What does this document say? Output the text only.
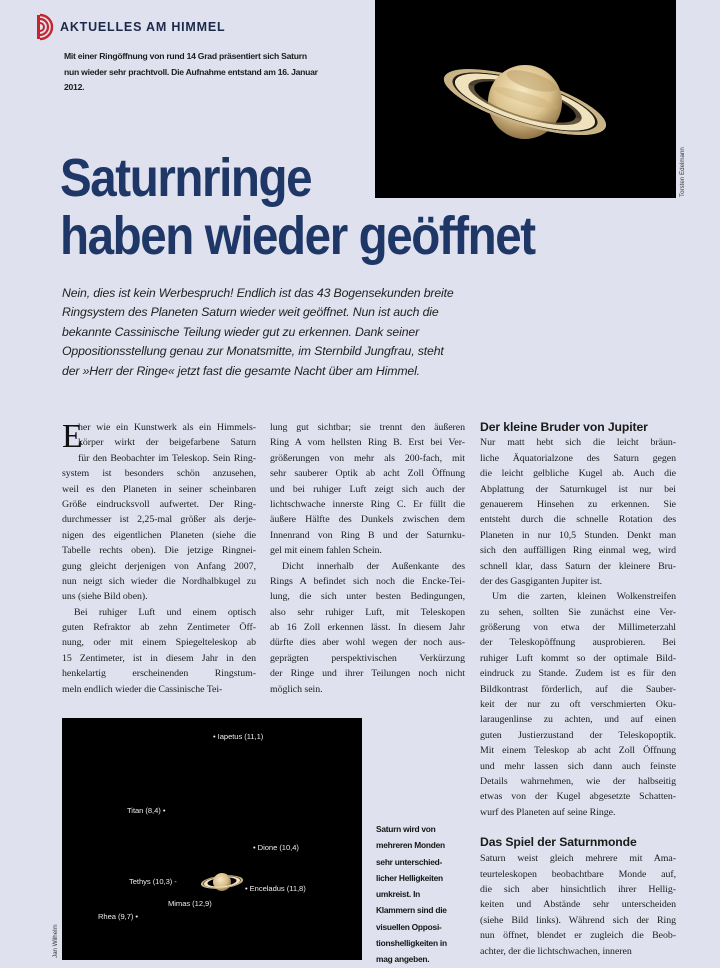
AKTUELLES AM HIMMEL
Mit einer Ringöffnung von rund 14 Grad präsentiert sich Saturn
nun wieder sehr prachtvoll. Die Aufnahme entstand am 16. Januar
2012.
Torsten Edelmann
Saturnringe
haben wieder geöffnet
Nein, dies ist kein Werbespruch! Endlich ist das 43 Bogensekunden breite
Ringsystem des Planeten Saturn wieder weit geöffnet. Nun ist auch die
bekannte Cassinische Teilung wieder gut zu erkennen. Dank seiner
Oppositionsstellung genau zur Monatsmitte, im Sternbild Jungfrau, steht
der »Herr der Ringe« jetzt fast die gesamte Nacht über am Himmel.
E
her wie ein Kunstwerk als ein Himmels-
körper wirkt der beigefarbene Saturn
für den Beobachter im Teleskop. Sein Ring-
system ist besonders schön anzusehen,
weil es den Planeten in seiner scheinbaren
Größe eindrucksvoll aufwertet. Der Ring-
durchmesser ist 2,25-mal größer als derje-
nigen des eigentlichen Planeten (siehe die
Tabelle rechts oben). Die jetzige Ringnei-
gung gleicht derjenigen von Anfang 2007,
nun neigt sich wieder die Nordhalbkugel zu
uns (siehe Bild oben).
Bei ruhiger Luft und einem optisch
guten Refraktor ab zehn Zentimeter Öff-
nung, oder mit einem Spiegelteleskop ab
15 Zentimeter, ist in diesem Jahr in den
henkelartig erscheinenden Ringstum-
meln endlich wieder die Cassinische Tei-
lung gut sichtbar; sie trennt den äußeren
Ring A vom hellsten Ring B. Erst bei Ver-
größerungen von mehr als 200-fach, mit
sehr sauberer Optik ab acht Zoll Öffnung
und bei ruhiger Luft zeigt sich auch der
lichtschwache innerste Ring C. Er füllt die
äußere Hälfte des Dunkels zwischen dem
Innenrand von Ring B und der Saturnku-
gel mit einem fahlen Schein.
Dicht innerhalb der Außenkante des
Rings A befindet sich noch die Encke-Tei-
lung, die sich unter besten Bedingungen,
also sehr ruhiger Luft, mit Teleskopen
ab 16 Zoll erkennen lässt. In diesem Jahr
dürfte dies aber wohl wegen der noch aus-
geprägten perspektivischen Verkürzung
der Ringe und ihrer Teilungen noch nicht
möglich sein.
Der kleine Bruder von Jupiter
Nur matt hebt sich die leicht bräun-
liche Äquatorialzone des Saturn gegen
die leicht gelbliche Kugel ab. Auch die
Abplattung der Saturnkugel ist nur bei
genauerem Hinsehen zu erkennen. Sie
entsteht durch die schnelle Rotation des
Planeten in nur 10,5 Stunden. Denkt man
sich den auffälligen Ring einmal weg, wird
schnell klar, dass Saturn der kleinere Bru-
der des Gasgiganten Jupiter ist.
Um die zarten, kleinen Wolkenstreifen
zu sehen, sollten Sie zunächst eine Ver-
größerung von etwa der Millimeterzahl
der Teleskopöffnung ausprobieren. Bei
ruhiger Luft kommt so der optimale Bild-
eindruck zu Stande. Zudem ist es für den
Bildkontrast förderlich, auf die Sauber-
keit der nur zu oft verschmierten Oku-
laraugenlinse zu achten, und auf einen
guten Justierzustand der Teleskopoptik.
Mit einem Teleskop ab acht Zoll Öffnung
und mehr lassen sich dann auch feinste
Details wahrnehmen, wie der halbseitig
etwas von der Kugel abgesetzte Schatten-
wurf des Planeten auf seine Ringe.
Das Spiel der Saturnmonde
Saturn weist gleich mehrere mit Ama-
teurteleskopen beobachtbare Monde auf,
die sich aber hinsichtlich ihrer Hellig-
keiten und Abstände sehr unterscheiden
(siehe Bild links). Während sich der Ring
nun öffnet, blendet er zugleich die Beob-
achter, der die lichtschwachen, inneren
• Iapetus (11,1)
Titan (8,4) •
• Dione (10,4)
Tethys (10,3) -
• Enceladus (11,8)
Mimas (12,9)
Rhea (9,7) •
Jan Wilhelm
Saturn wird von
mehreren Monden
sehr unterschied-
licher Helligkeiten
umkreist. In
Klammern sind die
visuellen Opposi-
tionshelligkeiten in
mag angeben.
